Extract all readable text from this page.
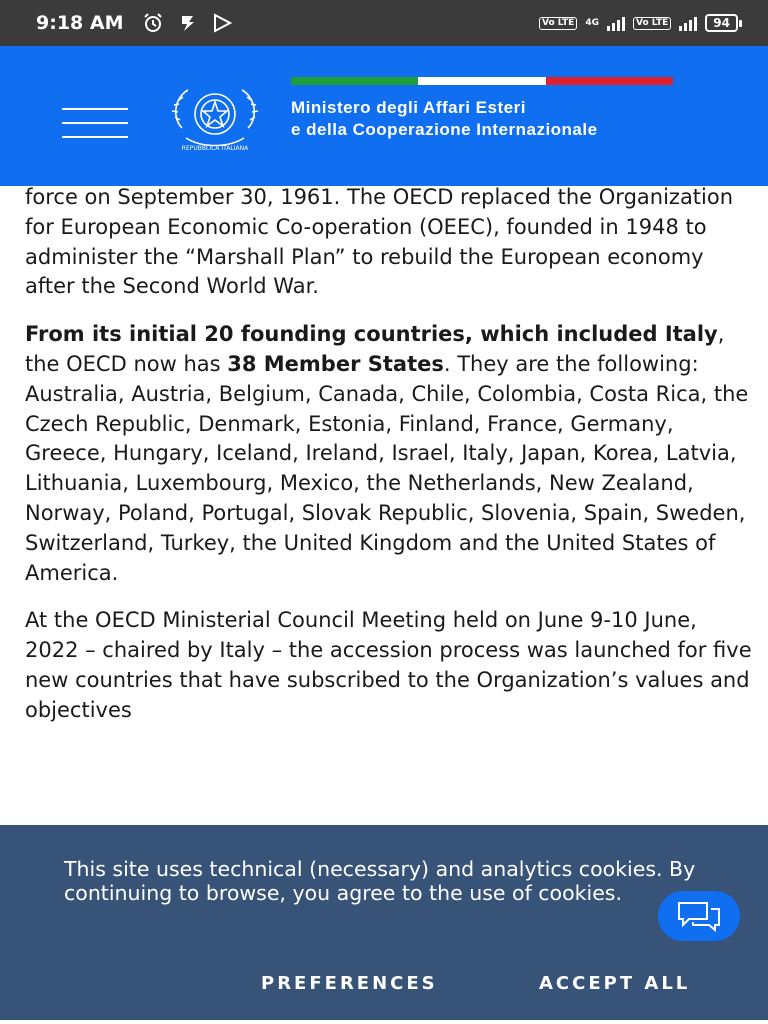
9:18 AM	Vo LTE	4G	Vo LTE	94
REPUBBLICA ITALIANA
Ministero degli Affari Esteri
e della Cooperazione Internazionale

force on September 30, 1961. The OECD replaced the Organization for European Economic Co-operation (OEEC), founded in 1948 to administer the “Marshall Plan” to rebuild the European economy after the Second World War.

From its initial 20 founding countries, which included Italy, the OECD now has 38 Member States. They are the following: Australia, Austria, Belgium, Canada, Chile, Colombia, Costa Rica, the Czech Republic, Denmark, Estonia, Finland, France, Germany, Greece, Hungary, Iceland, Ireland, Israel, Italy, Japan, Korea, Latvia, Lithuania, Luxembourg, Mexico, the Netherlands, New Zealand, Norway, Poland, Portugal, Slovak Republic, Slovenia, Spain, Sweden, Switzerland, Turkey, the United Kingdom and the United States of America.

At the OECD Ministerial Council Meeting held on June 9-10 June, 2022 – chaired by Italy – the accession process was launched for five new countries that have subscribed to the Organization’s values and objectives

This site uses technical (necessary) and analytics cookies. By continuing to browse, you agree to the use of cookies.
PREFERENCES	ACCEPT ALL
